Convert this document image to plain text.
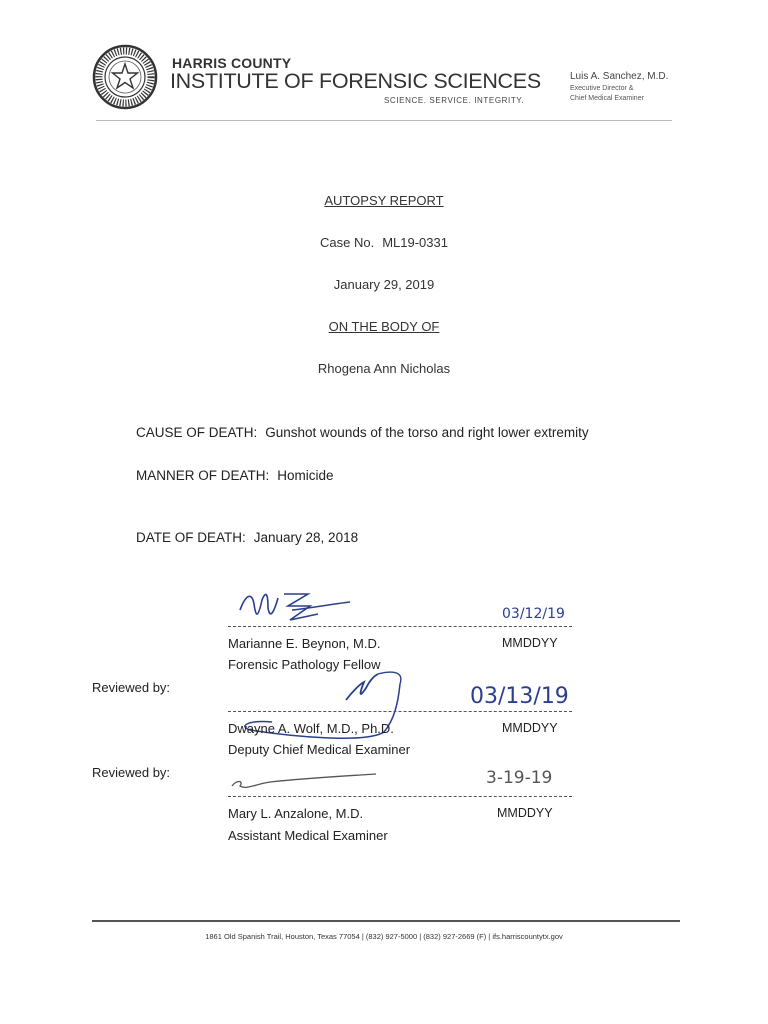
HARRIS COUNTY
INSTITUTE OF FORENSIC SCIENCES
SCIENCE. SERVICE. INTEGRITY.
Luis A. Sanchez, M.D.
Executive Director &
Chief Medical Examiner
AUTOPSY REPORT
Case No. ML19-0331
January 29, 2019
ON THE BODY OF
Rhogena Ann Nicholas
CAUSE OF DEATH: Gunshot wounds of the torso and right lower extremity
MANNER OF DEATH: Homicide
DATE OF DEATH: January 28, 2018
03/12/19
Marianne E. Beynon, M.D.	MMDDYY
Forensic Pathology Fellow
Reviewed by:	03/13/19
Dwayne A. Wolf, M.D., Ph.D.	MMDDYY
Deputy Chief Medical Examiner
Reviewed by:	3-19-19
Mary L. Anzalone, M.D.	MMDDYY
Assistant Medical Examiner
1861 Old Spanish Trail, Houston, Texas 77054 | (832) 927-5000 | (832) 927-2669 (F) | ifs.harriscountytx.gov
